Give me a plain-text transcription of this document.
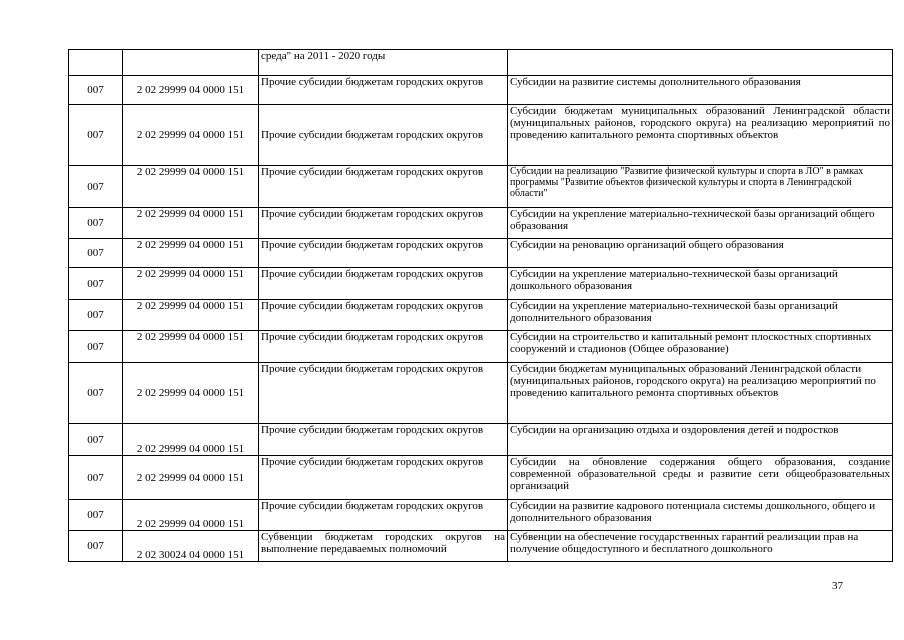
		среда" на 2011 - 2020 годы	
007	2 02 29999 04 0000 151	Прочие субсидии бюджетам городских округов	Субсидии на развитие системы дополнительного образования
007	2 02 29999 04 0000 151	Прочие субсидии бюджетам городских округов	Субсидии бюджетам муниципальных образований Ленинградской области (муниципальных районов, городского округа) на реализацию мероприятий по проведению капитального ремонта спортивных объектов
007	2 02 29999 04 0000 151	Прочие субсидии бюджетам городских округов	Субсидии на реализацию "Развитие физической культуры и спорта в ЛО" в рамках программы "Развитие объектов физической культуры и спорта в Ленинградской области"
007	2 02 29999 04 0000 151	Прочие субсидии бюджетам городских округов	Субсидии на укрепление материально-технической базы организаций общего образования
007	2 02 29999 04 0000 151	Прочие субсидии бюджетам городских округов	Субсидии на реновацию организаций общего образования
007	2 02 29999 04 0000 151	Прочие субсидии бюджетам городских округов	Субсидии на укрепление материально-технической базы организаций дошкольного образования
007	2 02 29999 04 0000 151	Прочие субсидии бюджетам городских округов	Субсидии на укрепление материально-технической базы организаций дополнительного образования
007	2 02 29999 04 0000 151	Прочие субсидии бюджетам городских округов	Субсидии на строительство и капитальный ремонт плоскостных спортивных сооружений и стадионов (Общее образование)
007	2 02 29999 04 0000 151	Прочие субсидии бюджетам городских округов	Субсидии бюджетам муниципальных образований Ленинградской области (муниципальных районов, городского округа) на реализацию мероприятий по проведению капитального ремонта спортивных объектов
007	2 02 29999 04 0000 151	Прочие субсидии бюджетам городских округов	Субсидии на организацию отдыха и оздоровления детей и подростков
007	2 02 29999 04 0000 151	Прочие субсидии бюджетам городских округов	Субсидии на обновление содержания общего образования, создание современной образовательной среды и развитие сети общеобразовательных организаций
007	2 02 29999 04 0000 151	Прочие субсидии бюджетам городских округов	Субсидии на развитие кадрового потенциала системы дошкольного, общего и дополнительного образования
007	2 02 30024 04 0000 151	Субвенции бюджетам городских округов на выполнение передаваемых полномочий	Субвенции на обеспечение государственных гарантий реализации прав на получение общедоступного и бесплатного дошкольного
37
